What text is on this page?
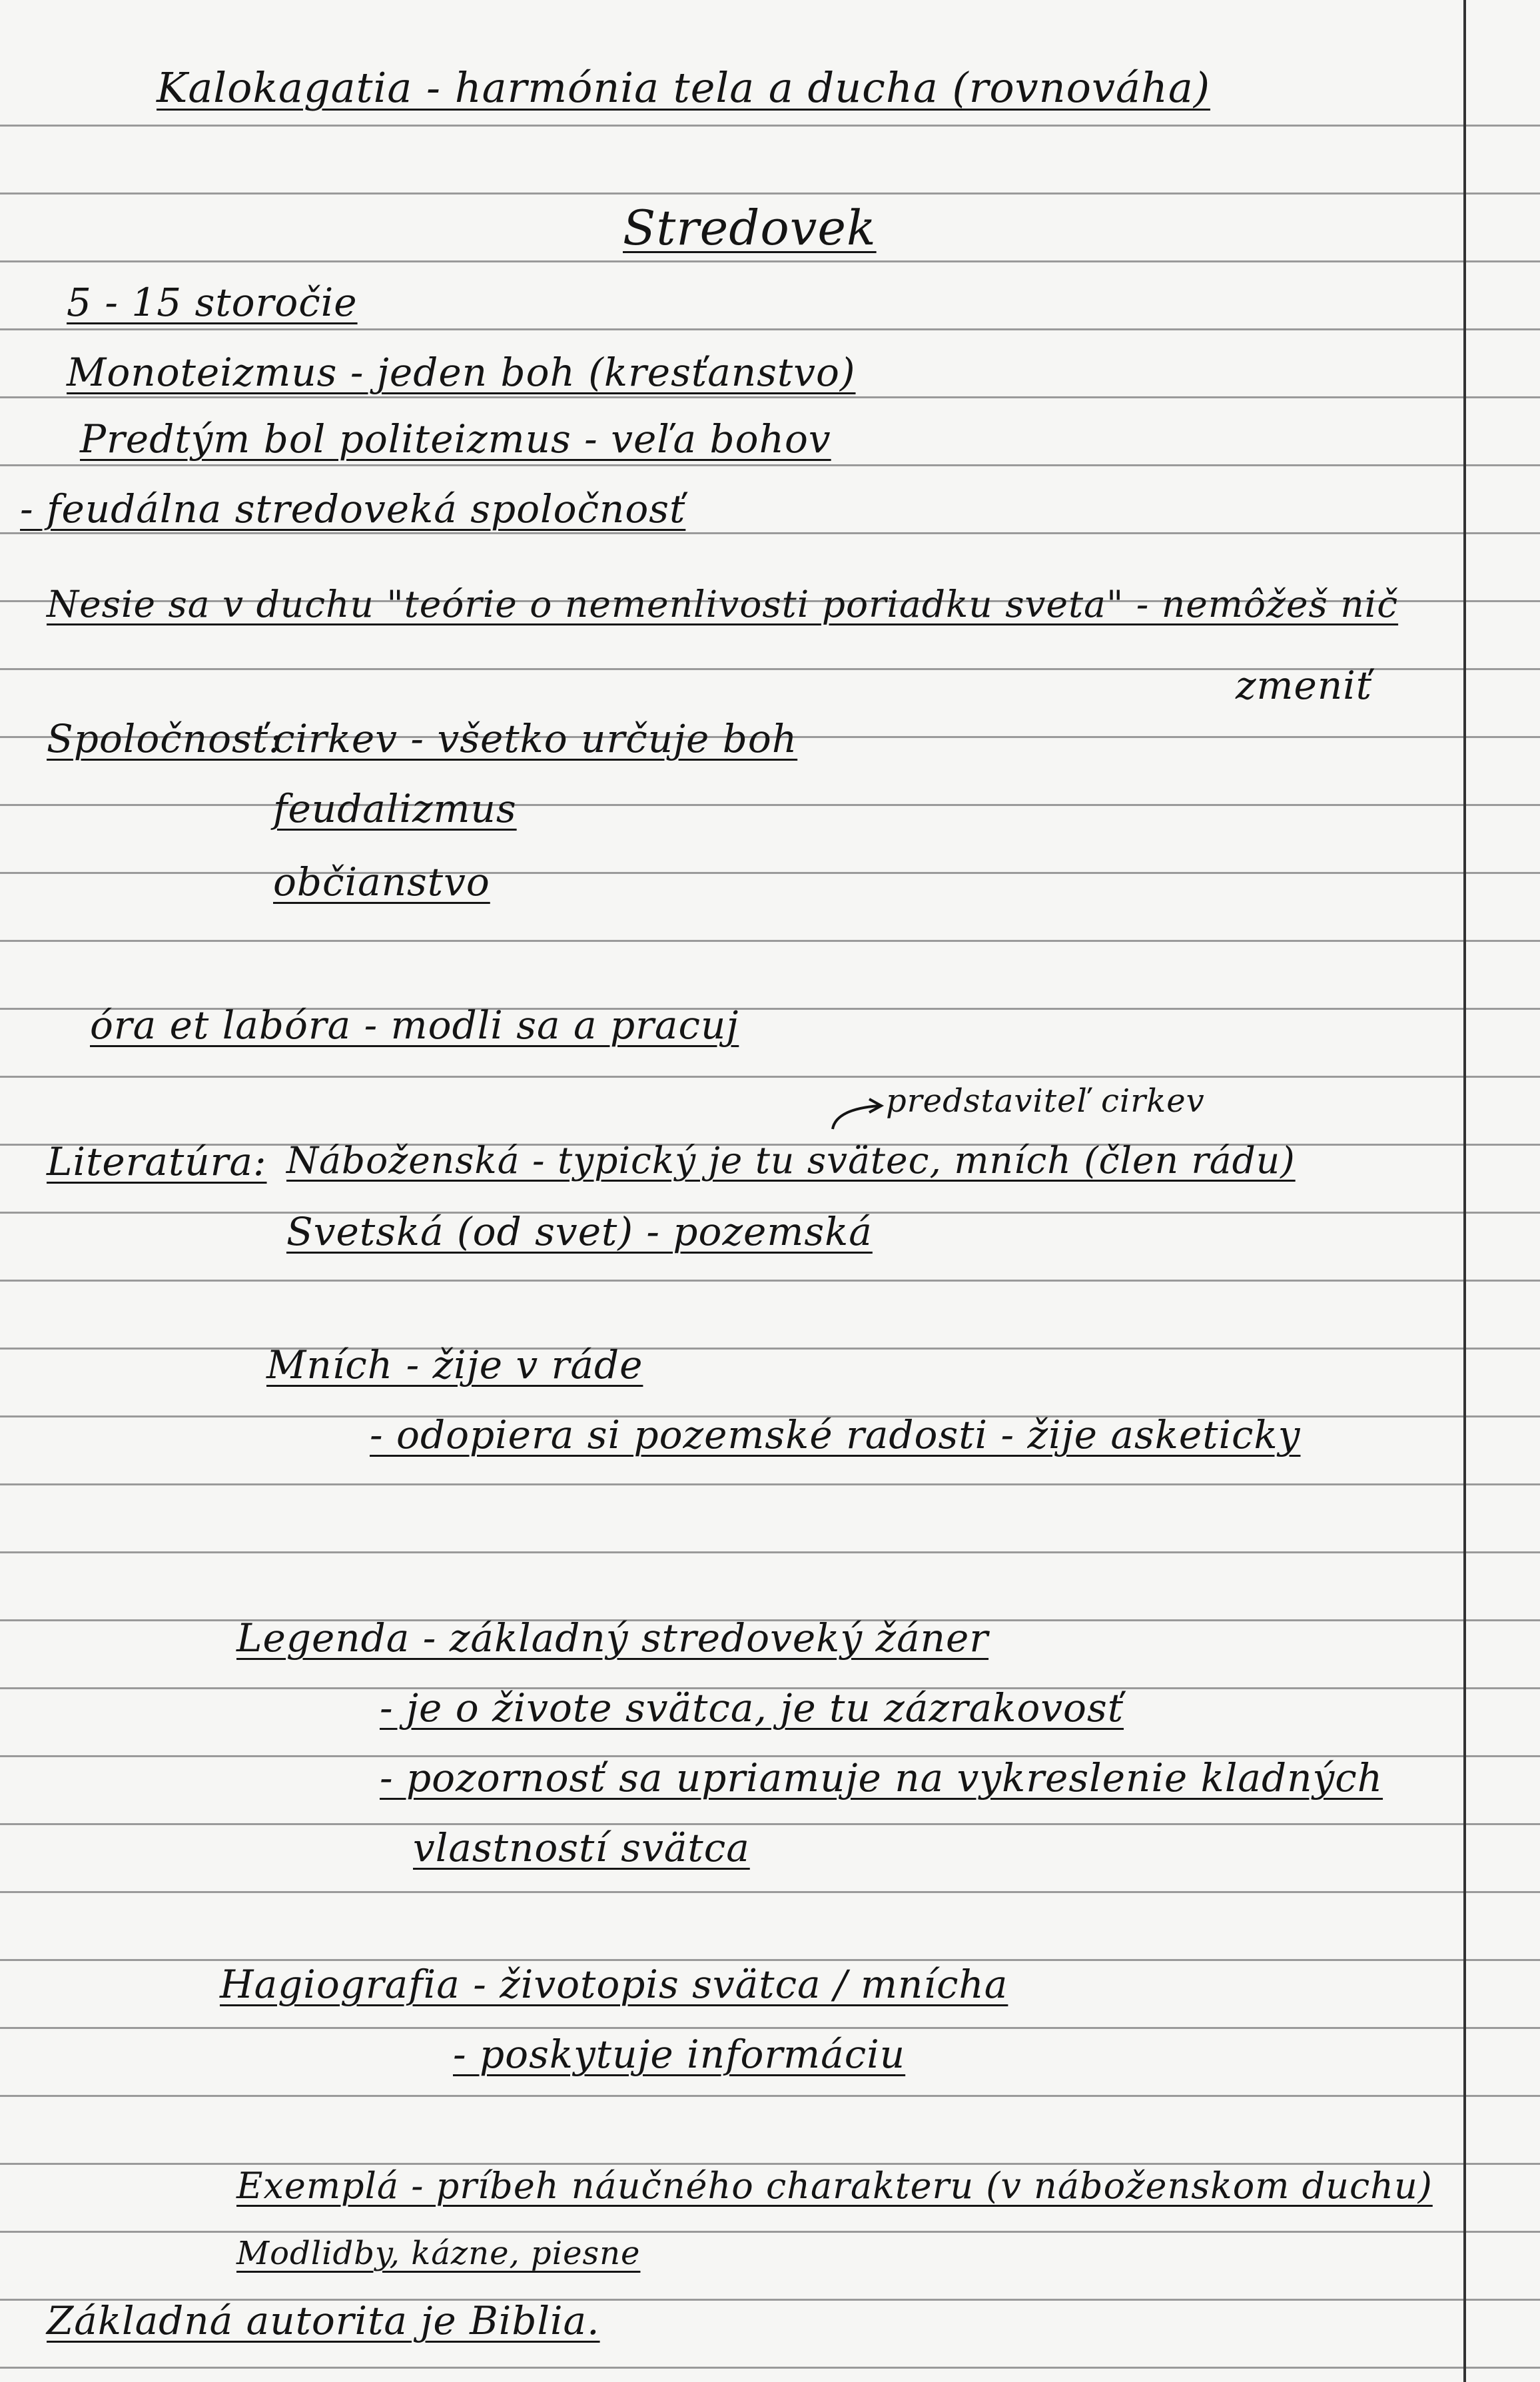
Kalokagatia - harmónia tela a ducha (rovnováha)
Stredovek
5 - 15 storočie
Monoteizmus - jeden boh (kresťanstvo)
Predtým bol politeizmus - veľa bohov
- feudálna stredoveká spoločnosť
Nesie sa v duchu "teórie o nemenlivosti poriadku sveta" - nemôžeš nič
zmeniť
Spoločnosť:
cirkev - všetko určuje boh
feudalizmus
občianstvo
óra et labóra - modli sa a pracuj
predstaviteľ cirkev
Literatúra: Náboženská - typický je tu svätec, mních (člen rádu)
Svetská (od svet) - pozemská
Mních - žije v ráde
- odopiera si pozemské radosti - žije asketicky
Legenda - základný stredoveký žáner
- je o živote svätca, je tu zázrakovosť
- pozornosť sa upriamuje na vykreslenie kladných
vlastností svätca
Hagiografia - životopis svätca / mnícha
- poskytuje informáciu
Exemplá - príbeh náučného charakteru (v náboženskom duchu)
Modlidby, kázne, piesne
Základná autorita je Biblia.
